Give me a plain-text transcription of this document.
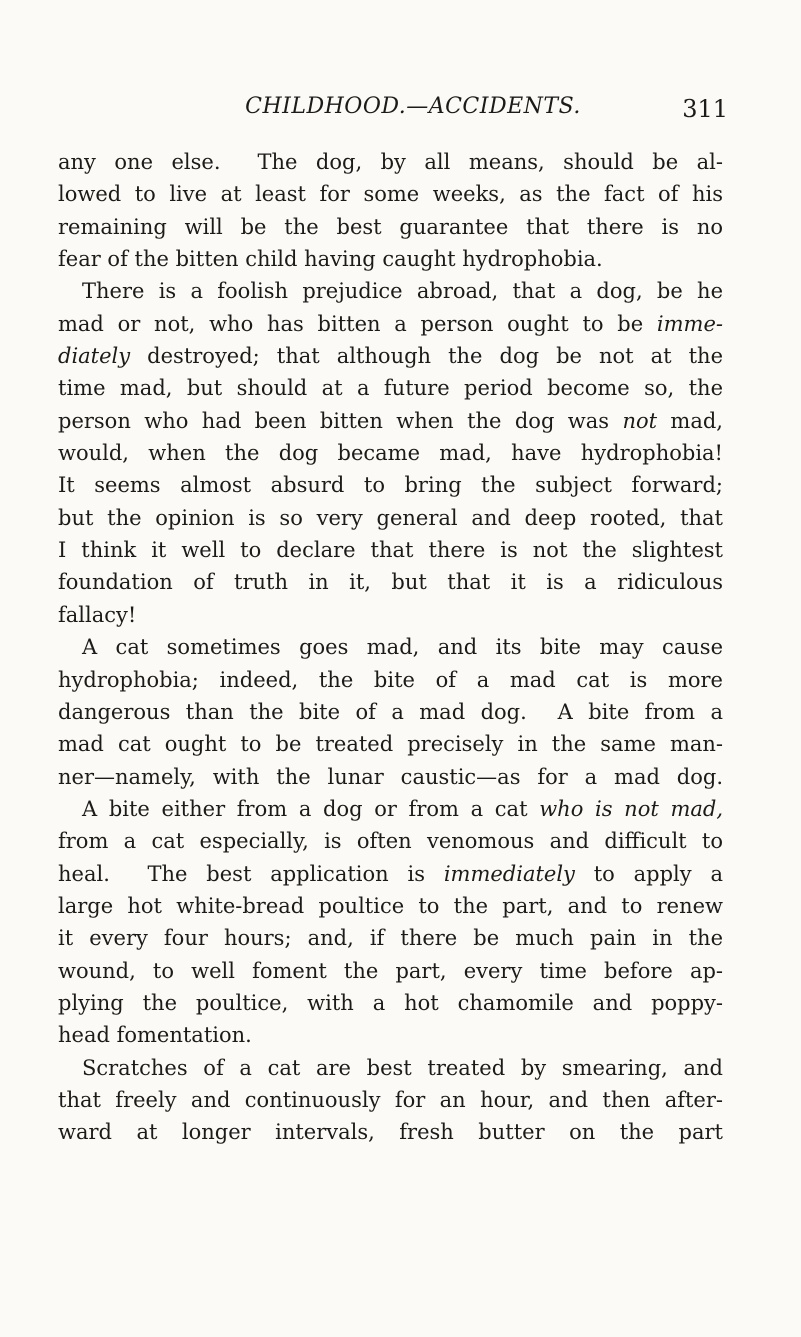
CHILDHOOD.—ACCIDENTS.	311
any one else.  The dog, by all means, should be al-
lowed to live at least for some weeks, as the fact of his
remaining will be the best guarantee that there is no
fear of the bitten child having caught hydrophobia.
There is a foolish prejudice abroad, that a dog, be he
mad or not, who has bitten a person ought to be imme-
diately destroyed; that although the dog be not at the
time mad, but should at a future period become so, the
person who had been bitten when the dog was not mad,
would, when the dog became mad, have hydrophobia!
It seems almost absurd to bring the subject forward;
but the opinion is so very general and deep rooted, that
I think it well to declare that there is not the slightest
foundation of truth in it, but that it is a ridiculous
fallacy!
A cat sometimes goes mad, and its bite may cause
hydrophobia; indeed, the bite of a mad cat is more
dangerous than the bite of a mad dog.  A bite from a
mad cat ought to be treated precisely in the same man-
ner—namely, with the lunar caustic—as for a mad dog.
A bite either from a dog or from a cat who is not mad,
from a cat especially, is often venomous and difficult to
heal.  The best application is immediately to apply a
large hot white-bread poultice to the part, and to renew
it every four hours; and, if there be much pain in the
wound, to well foment the part, every time before ap-
plying the poultice, with a hot chamomile and poppy-
head fomentation.
Scratches of a cat are best treated by smearing, and
that freely and continuously for an hour, and then after-
ward at longer intervals, fresh butter on the part
